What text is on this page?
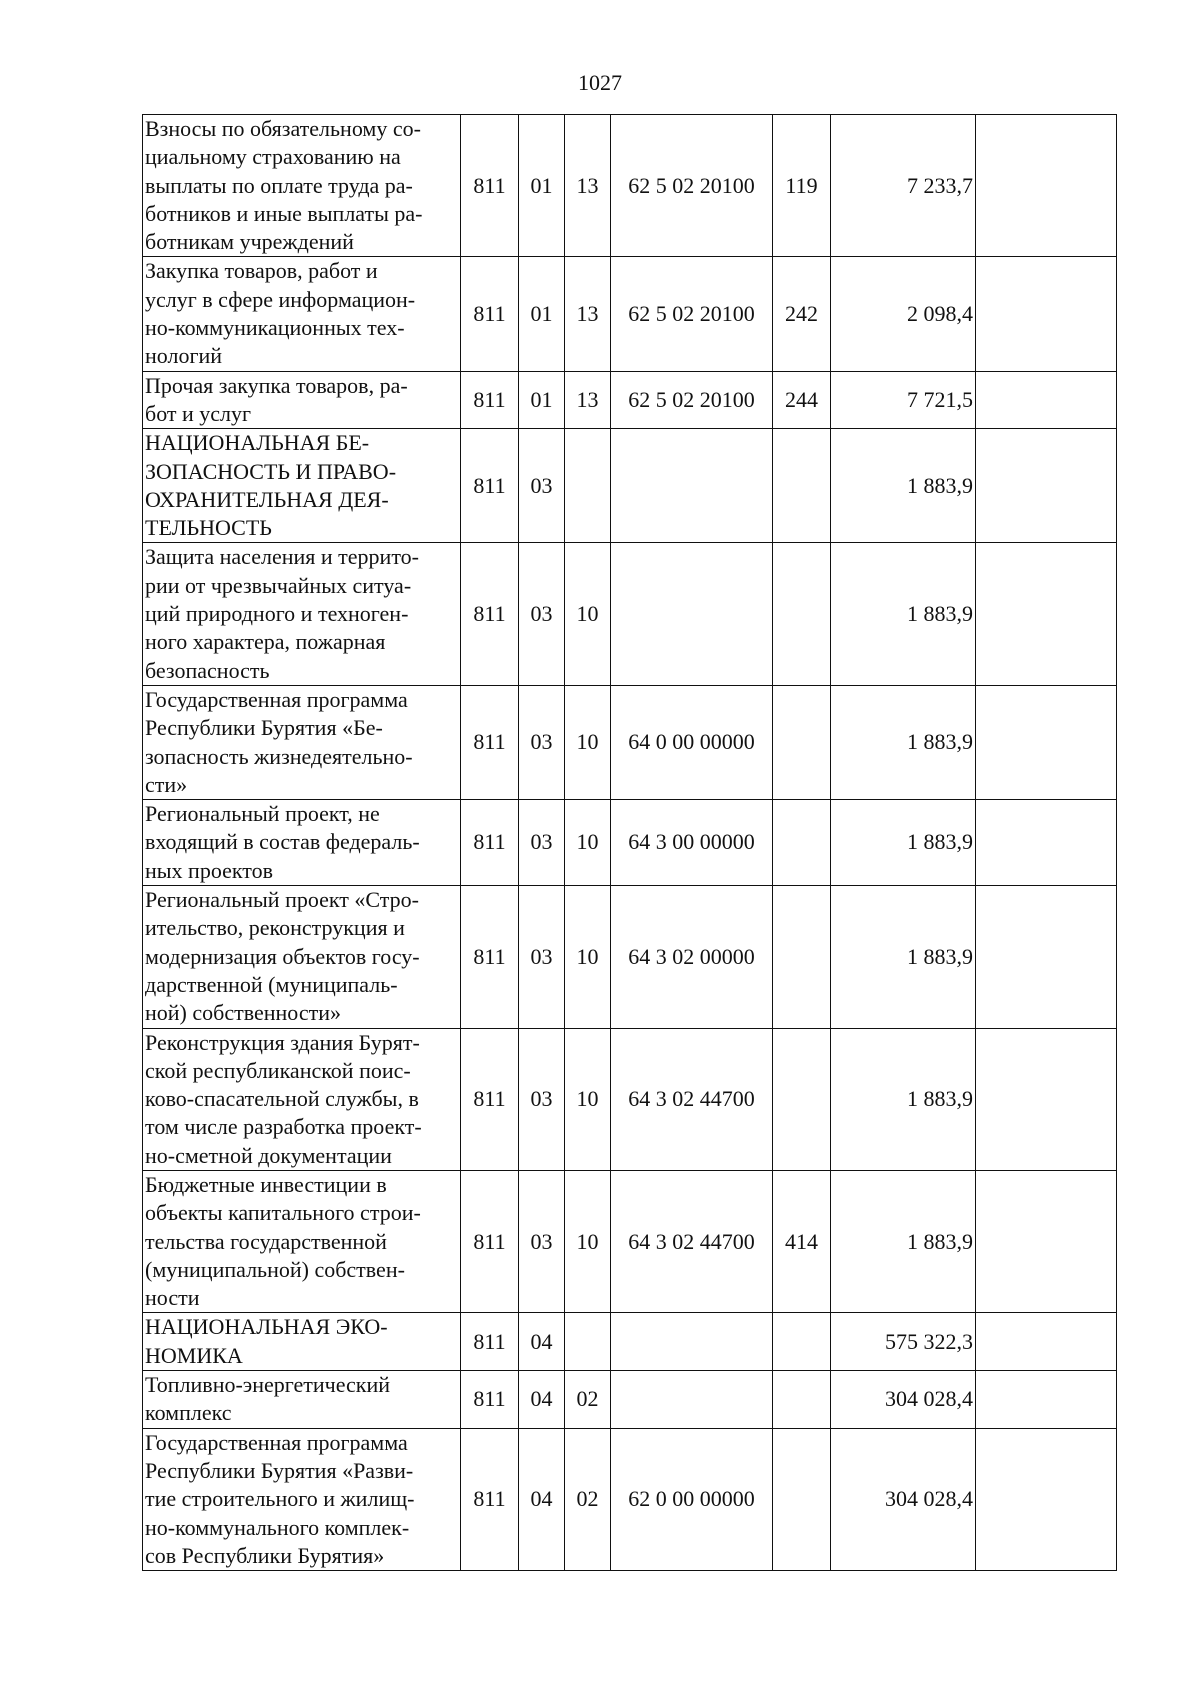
1027
Взносы по обязательному со-
циальному страхованию на
выплаты по оплате труда ра-
ботников и иные выплаты ра-
ботникам учреждений	811	01	13	62 5 02 20100	119	7 233,7	

Закупка товаров, работ и
услуг в сфере информацион-
но-коммуникационных тех-
нологий	811	01	13	62 5 02 20100	242	2 098,4	

Прочая закупка товаров, ра-
бот и услуг	811	01	13	62 5 02 20100	244	7 721,5	

НАЦИОНАЛЬНАЯ БЕ-
ЗОПАСНОСТЬ И ПРАВО-
ОХРАНИТЕЛЬНАЯ ДЕЯ-
ТЕЛЬНОСТЬ	811	03				1 883,9	

Защита населения и террито-
рии от чрезвычайных ситуа-
ций природного и техноген-
ного характера, пожарная
безопасность	811	03	10			1 883,9	

Государственная программа
Республики Бурятия «Бе-
зопасность жизнедеятельно-
сти»	811	03	10	64 0 00 00000		1 883,9	

Региональный проект, не
входящий в состав федераль-
ных проектов	811	03	10	64 3 00 00000		1 883,9	

Региональный проект «Стро-
ительство, реконструкция и
модернизация объектов госу-
дарственной (муниципаль-
ной) собственности»	811	03	10	64 3 02 00000		1 883,9	

Реконструкция здания Бурят-
ской республиканской поис-
ково-спасательной службы, в
том числе разработка проект-
но-сметной документации	811	03	10	64 3 02 44700		1 883,9	

Бюджетные инвестиции в
объекты капитального строи-
тельства государственной
(муниципальной) собствен-
ности	811	03	10	64 3 02 44700	414	1 883,9	

НАЦИОНАЛЬНАЯ ЭКО-
НОМИКА	811	04				575 322,3	

Топливно-энергетический
комплекс	811	04	02			304 028,4	

Государственная программа
Республики Бурятия «Разви-
тие строительного и жилищ-
но-коммунального комплек-
сов Республики Бурятия»	811	04	02	62 0 00 00000		304 028,4	
